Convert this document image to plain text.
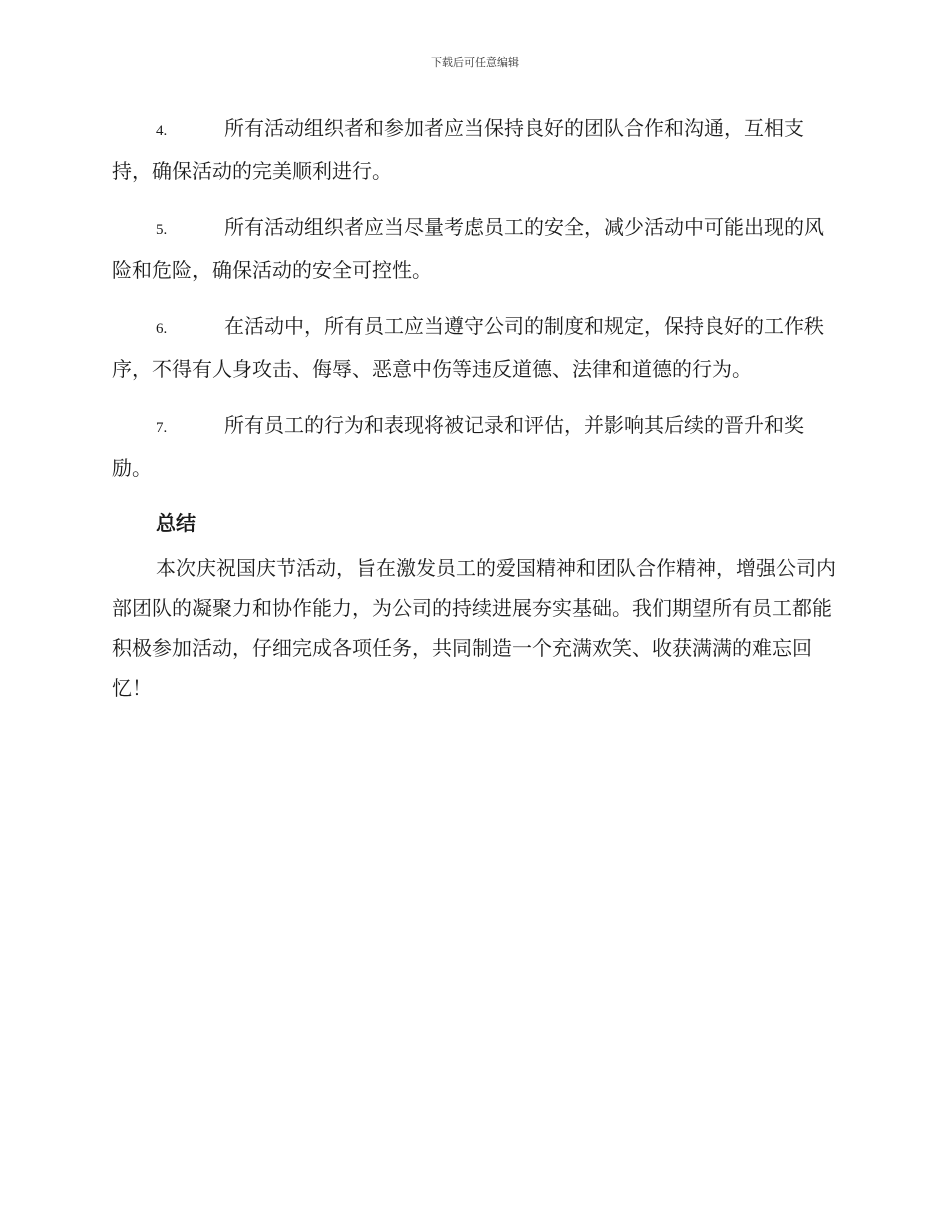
下载后可任意编辑

4.	所有活动组织者和参加者应当保持良好的团队合作和沟通，互相支持，确保活动的完美顺利进行。

5.	所有活动组织者应当尽量考虑员工的安全，减少活动中可能出现的风险和危险，确保活动的安全可控性。

6.	在活动中，所有员工应当遵守公司的制度和规定，保持良好的工作秩序，不得有人身攻击、侮辱、恶意中伤等违反道德、法律和道德的行为。

7.	所有员工的行为和表现将被记录和评估，并影响其后续的晋升和奖励。

总结

本次庆祝国庆节活动，旨在激发员工的爱国精神和团队合作精神，增强公司内部团队的凝聚力和协作能力，为公司的持续进展夯实基础。我们期望所有员工都能积极参加活动，仔细完成各项任务，共同制造一个充满欢笑、收获满满的难忘回忆！
